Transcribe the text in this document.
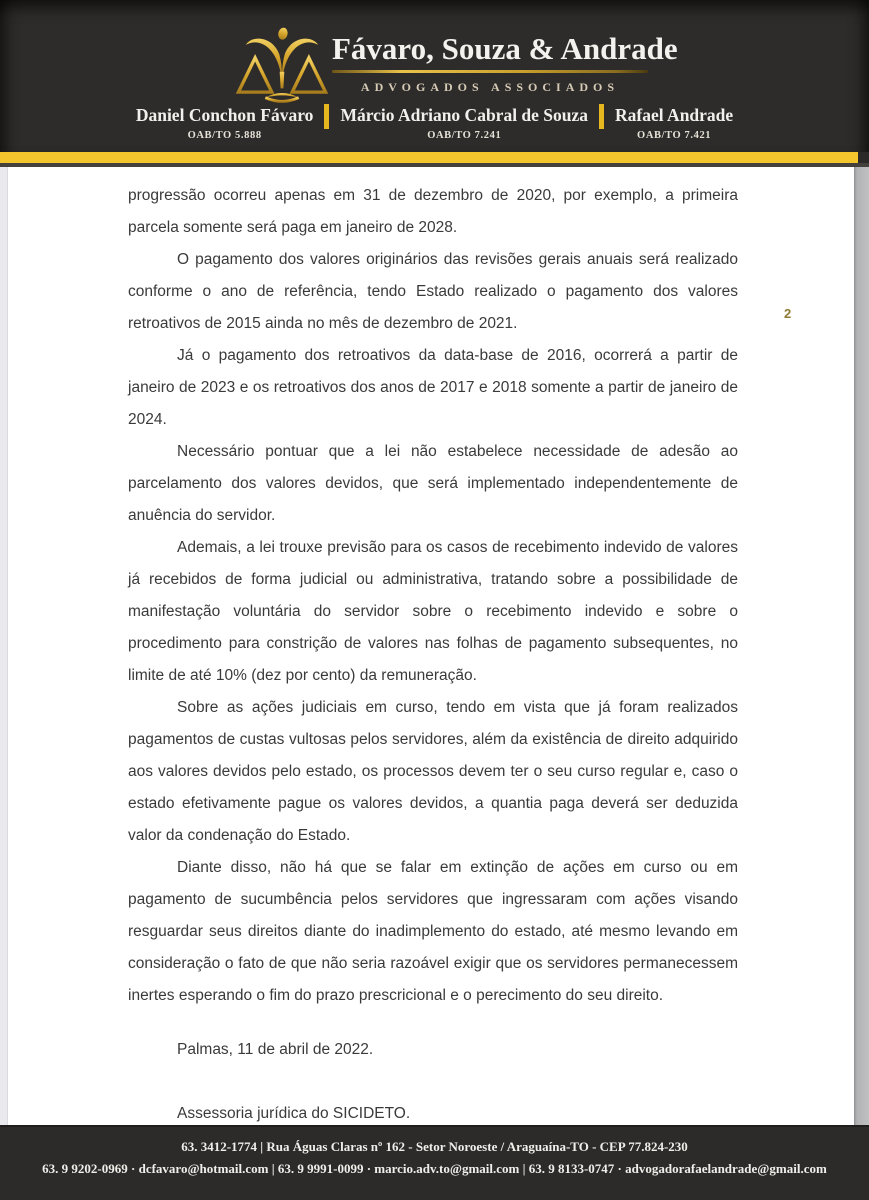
Fávaro, Souza & Andrade
ADVOGADOS ASSOCIADOS
Daniel Conchon Fávaro
OAB/TO 5.888
Márcio Adriano Cabral de Souza
OAB/TO 7.241
Rafael Andrade
OAB/TO 7.421

progressão ocorreu apenas em 31 de dezembro de 2020, por exemplo, a primeira parcela somente será paga em janeiro de 2028.

O pagamento dos valores originários das revisões gerais anuais será realizado conforme o ano de referência, tendo Estado realizado o pagamento dos valores retroativos de 2015 ainda no mês de dezembro de 2021.

Já o pagamento dos retroativos da data-base de 2016, ocorrerá a partir de janeiro de 2023 e os retroativos dos anos de 2017 e 2018 somente a partir de janeiro de 2024.

Necessário pontuar que a lei não estabelece necessidade de adesão ao parcelamento dos valores devidos, que será implementado independentemente de anuência do servidor.

Ademais, a lei trouxe previsão para os casos de recebimento indevido de valores já recebidos de forma judicial ou administrativa, tratando sobre a possibilidade de manifestação voluntária do servidor sobre o recebimento indevido e sobre o procedimento para constrição de valores nas folhas de pagamento subsequentes, no limite de até 10% (dez por cento) da remuneração.

Sobre as ações judiciais em curso, tendo em vista que já foram realizados pagamentos de custas vultosas pelos servidores, além da existência de direito adquirido aos valores devidos pelo estado, os processos devem ter o seu curso regular e, caso o estado efetivamente pague os valores devidos, a quantia paga deverá ser deduzida valor da condenação do Estado.

Diante disso, não há que se falar em extinção de ações em curso ou em pagamento de sucumbência pelos servidores que ingressaram com ações visando resguardar seus direitos diante do inadimplemento do estado, até mesmo levando em consideração o fato de que não seria razoável exigir que os servidores permanecessem inertes esperando o fim do prazo prescricional e o perecimento do seu direito.

Palmas, 11 de abril de 2022.

Assessoria jurídica do SICIDETO.

2
63. 3412-1774 | Rua Águas Claras nº 162 - Setor Noroeste / Araguaína-TO - CEP 77.824-230
63. 9 9202-0969 · dcfavaro@hotmail.com | 63. 9 9991-0099 · marcio.adv.to@gmail.com | 63. 9 8133-0747 · advogadorafaelandrade@gmail.com
